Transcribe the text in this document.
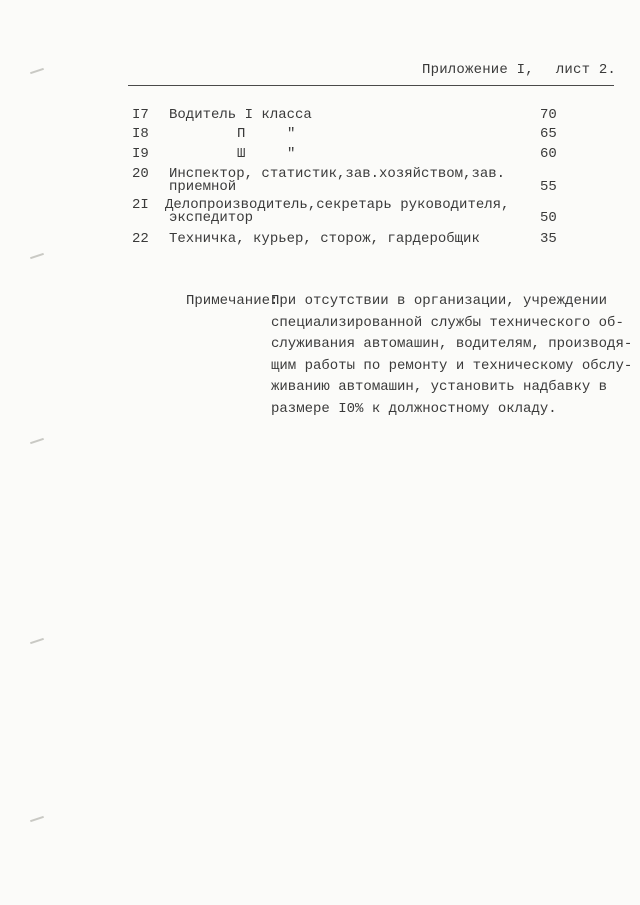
Приложение I, лист 2.
I7 Водитель I класса	70
I8	П	"	65
I9	Ш	"	60
20 Инспектор, статистик,зав.хозяйством,зав.
приемной	55
2I Делопроизводитель,секретарь руководителя,
экспедитор	50
22 Техничка, курьер, сторож, гардеробщик	35
Примечание:
При отсутствии в организации, учреждении
специализированной службы технического об-
служивания автомашин, водителям, производя-
щим работы по ремонту и техническому обслу-
живанию автомашин, установить надбавку в
размере I0% к должностному окладу.
